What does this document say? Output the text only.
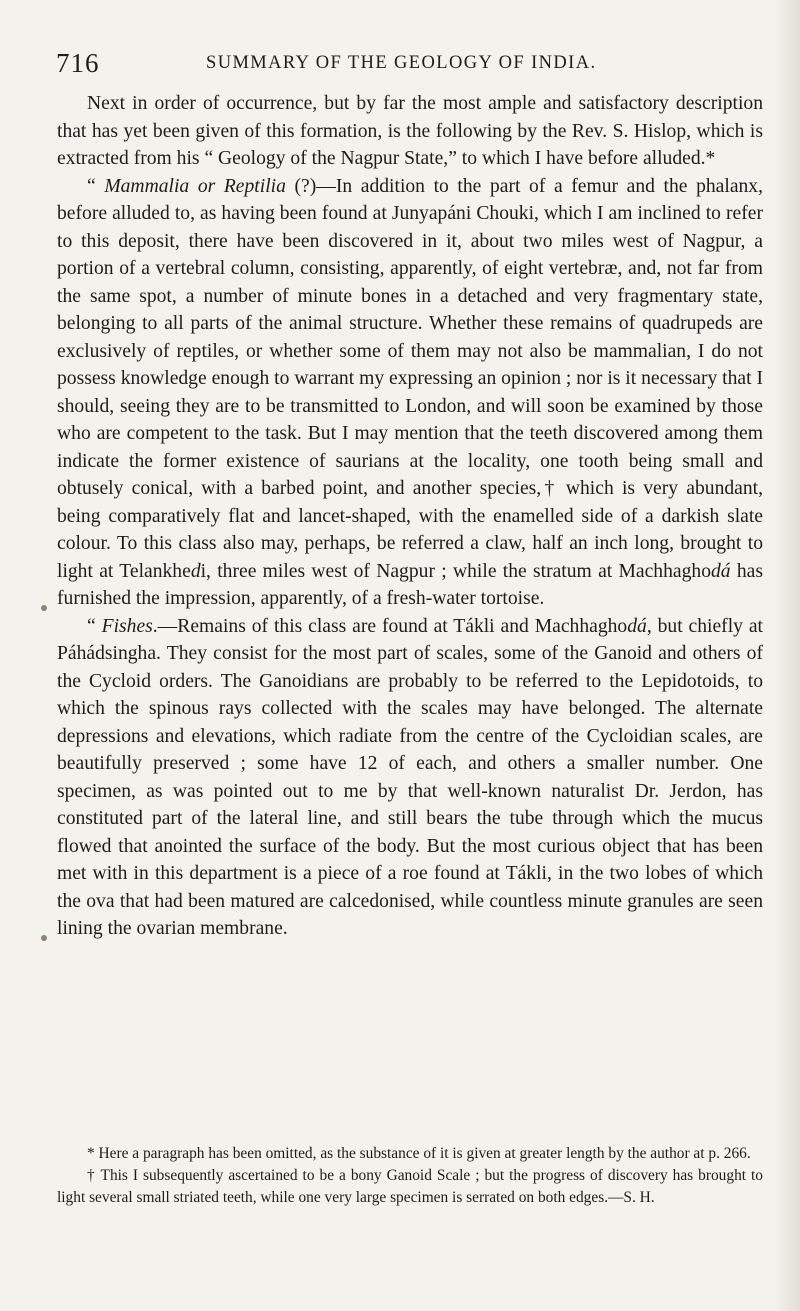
716	SUMMARY OF THE GEOLOGY OF INDIA.

Next in order of occurrence, but by far the most ample and satisfactory description that has yet been given of this formation, is the following by the Rev. S. Hislop, which is extracted from his “ Geology of the Nagpur State,” to which I have before alluded.*

“ Mammalia or Reptilia (?)—In addition to the part of a femur and the phalanx, before alluded to, as having been found at Junyapáni Chouki, which I am inclined to refer to this deposit, there have been discovered in it, about two miles west of Nagpur, a portion of a vertebral column, consisting, apparently, of eight vertebræ, and, not far from the same spot, a number of minute bones in a detached and very fragmentary state, belonging to all parts of the animal structure. Whether these remains of quadrupeds are exclusively of reptiles, or whether some of them may not also be mammalian, I do not possess knowledge enough to warrant my expressing an opinion ; nor is it necessary that I should, seeing they are to be transmitted to London, and will soon be examined by those who are competent to the task. But I may mention that the teeth discovered among them indicate the former existence of saurians at the locality, one tooth being small and obtusely conical, with a barbed point, and another species,† which is very abundant, being comparatively flat and lancet-shaped, with the enamelled side of a darkish slate colour. To this class also may, perhaps, be referred a claw, half an inch long, brought to light at Telankhedi, three miles west of Nagpur ; while the stratum at Machhaghodá has furnished the impression, apparently, of a fresh-water tortoise.

“ Fishes.—Remains of this class are found at Tákli and Machhaghodá, but chiefly at Páhádsingha. They consist for the most part of scales, some of the Ganoid and others of the Cycloid orders. The Ganoidians are probably to be referred to the Lepidotoids, to which the spinous rays collected with the scales may have belonged. The alternate depressions and elevations, which radiate from the centre of the Cycloidian scales, are beautifully preserved ; some have 12 of each, and others a smaller number. One specimen, as was pointed out to me by that well-known naturalist Dr. Jerdon, has constituted part of the lateral line, and still bears the tube through which the mucus flowed that anointed the surface of the body. But the most curious object that has been met with in this department is a piece of a roe found at Tákli, in the two lobes of which the ova that had been matured are calcedonised, while countless minute granules are seen lining the ovarian membrane.

* Here a paragraph has been omitted, as the substance of it is given at greater length by the author at p. 266.

† This I subsequently ascertained to be a bony Ganoid Scale ; but the progress of discovery has brought to light several small striated teeth, while one very large specimen is serrated on both edges.—S. H.
